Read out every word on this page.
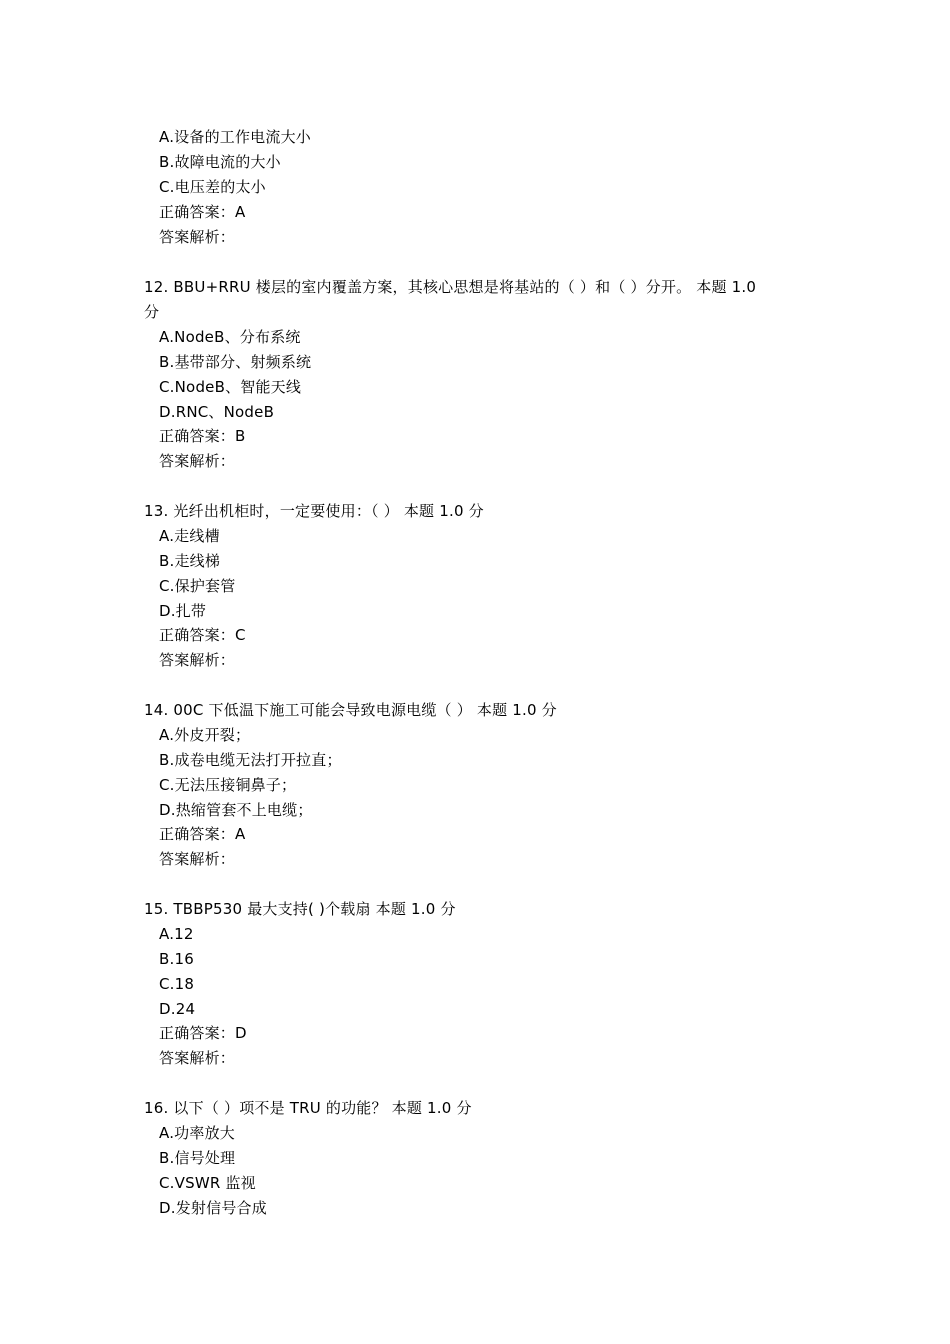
A.设备的工作电流大小
B.故障电流的大小
C.电压差的太小
正确答案：A
答案解析：
12. BBU+RRU 楼层的室内覆盖方案，其核心思想是将基站的（ ）和（ ）分开。 本题 1.0
分
A.NodeB、分布系统
B.基带部分、射频系统
C.NodeB、智能天线
D.RNC、NodeB
正确答案：B
答案解析：
13. 光纤出机柜时，一定要使用：（ ） 本题 1.0 分
A.走线槽
B.走线梯
C.保护套管
D.扎带
正确答案：C
答案解析：
14. 00C 下低温下施工可能会导致电源电缆（ ） 本题 1.0 分
A.外皮开裂；
B.成卷电缆无法打开拉直；
C.无法压接铜鼻子；
D.热缩管套不上电缆；
正确答案：A
答案解析：
15. TBBP530 最大支持( )个载扇 本题 1.0 分
A.12
B.16
C.18
D.24
正确答案：D
答案解析：
16. 以下（ ）项不是 TRU 的功能？ 本题 1.0 分
A.功率放大
B.信号处理
C.VSWR 监视
D.发射信号合成
